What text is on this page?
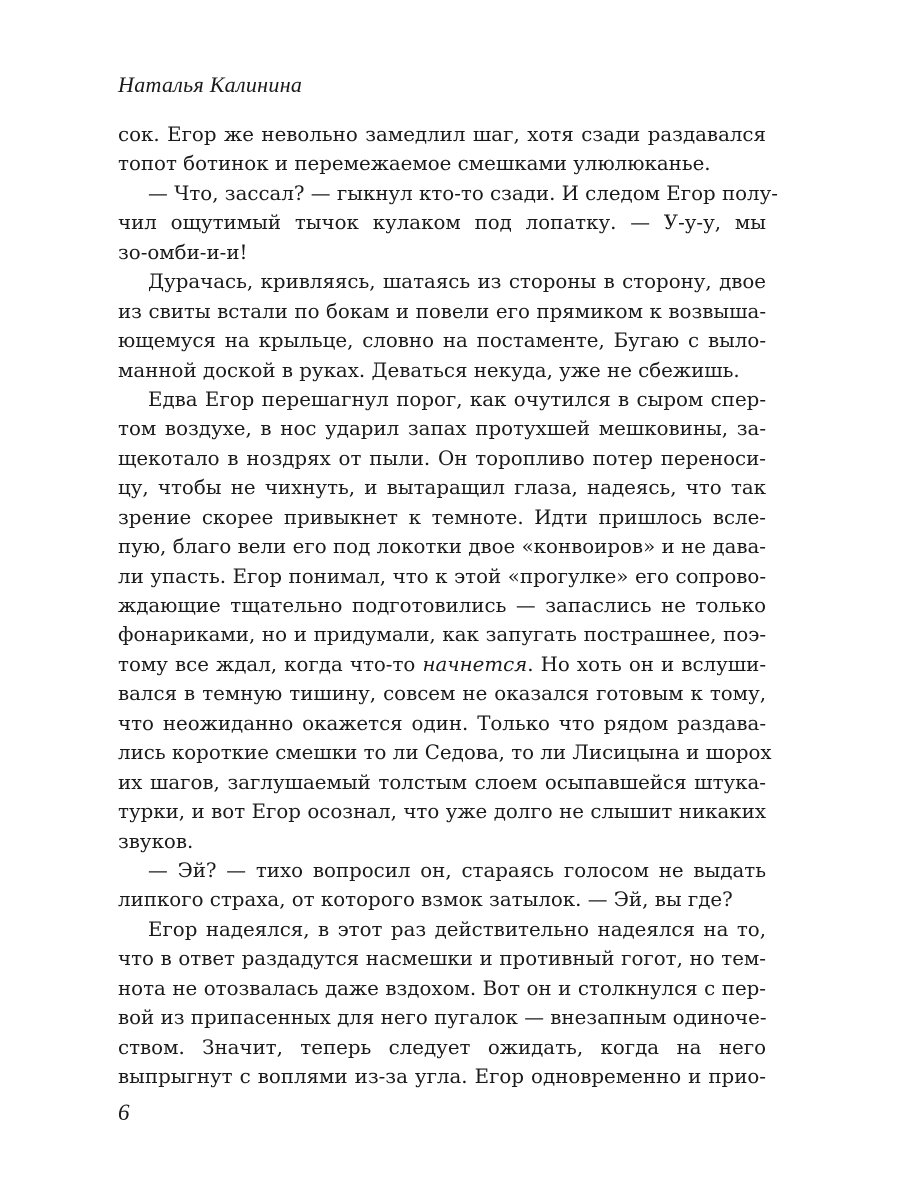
Наталья Калинина
сок. Егор же невольно замедлил шаг, хотя сзади раздавался
топот ботинок и перемежаемое смешками улюлюканье.
— Что, зассал? — гыкнул кто-то сзади. И следом Егор полу-
чил ощутимый тычок кулаком под лопатку. — У-у-у, мы
зо-омби-и-и!
Дурачась, кривляясь, шатаясь из стороны в сторону, двое
из свиты встали по бокам и повели его прямиком к возвыша-
ющемуся на крыльце, словно на постаменте, Бугаю с выло-
манной доской в руках. Деваться некуда, уже не сбежишь.
Едва Егор перешагнул порог, как очутился в сыром спер-
том воздухе, в нос ударил запах протухшей мешковины, за-
щекотало в ноздрях от пыли. Он торопливо потер переноси-
цу, чтобы не чихнуть, и вытаращил глаза, надеясь, что так
зрение скорее привыкнет к темноте. Идти пришлось всле-
пую, благо вели его под локотки двое «конвоиров» и не дава-
ли упасть. Егор понимал, что к этой «прогулке» его сопрово-
ждающие тщательно подготовились — запаслись не только
фонариками, но и придумали, как запугать пострашнее, поэ-
тому все ждал, когда что-то начнется. Но хоть он и вслуши-
вался в темную тишину, совсем не оказался готовым к тому,
что неожиданно окажется один. Только что рядом раздава-
лись короткие смешки то ли Седова, то ли Лисицына и шорох
их шагов, заглушаемый толстым слоем осыпавшейся штука-
турки, и вот Егор осознал, что уже долго не слышит никаких
звуков.
— Эй? — тихо вопросил он, стараясь голосом не выдать
липкого страха, от которого взмок затылок. — Эй, вы где?
Егор надеялся, в этот раз действительно надеялся на то,
что в ответ раздадутся насмешки и противный гогот, но тем-
нота не отозвалась даже вздохом. Вот он и столкнулся с пер-
вой из припасенных для него пугалок — внезапным одиноче-
ством. Значит, теперь следует ожидать, когда на него
выпрыгнут с воплями из-за угла. Егор одновременно и прио-
6
